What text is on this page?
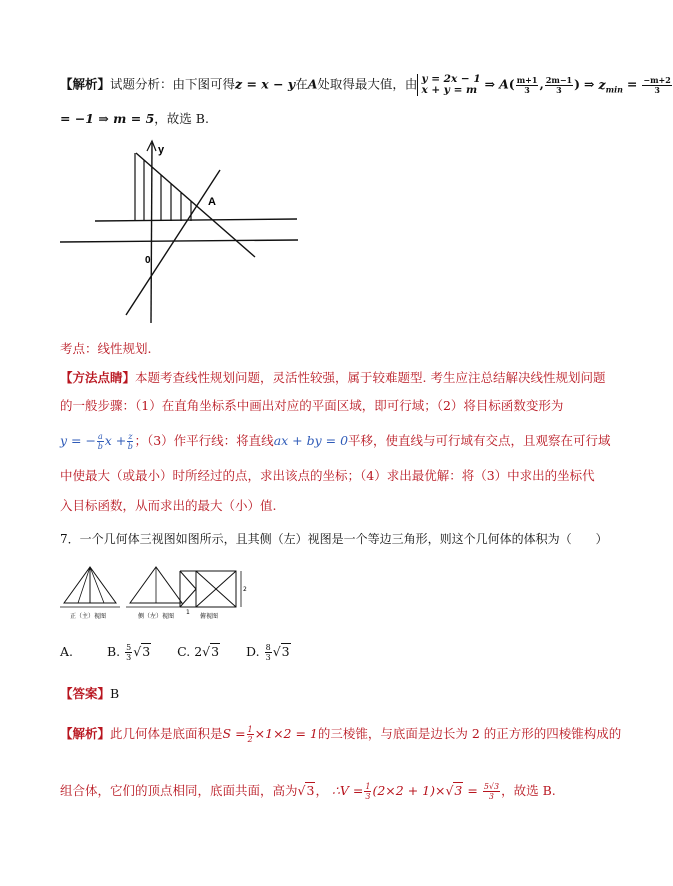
【解析】试题分析：由下图可得z = x − y在A处取得最大值，由 y = 2x − 1
x + y = m ⇒ $A( \frac{m+1}{3}$ , $\frac{2m-1}{3}$ ) ⇒ $z_{min} = \frac{-m+2}{3}$
= −1 ⇒ m = 5，故选 B.
y
A
0
考点：线性规划.
【方法点睛】本题考查线性规划问题，灵活性较强，属于较难题型. 考生应注总结解决线性规划问题
的一般步骤：（1）在直角坐标系中画出对应的平面区域，即可行域；（2）将目标函数变形为
y = − $\frac{a}{b}$ $x + \frac{z}{b}$ ；（3）作平行线：将直线ax + by = 0平移，使直线与可行域有交点，且观察在可行域
中使最大（或最小）时所经过的点，求出该点的坐标；（4）求出最优解：将（3）中求出的坐标代
入目标函数，从而求出的最大（小）值.
7．一个几何体三视图如图所示，且其侧（左）视图是一个等边三角形，则这个几何体的体积为（　　）
正（主）视图	侧（左）视图
1
2
俯视图
A.	B. $\frac{5}{3} √3$ C. 2√3 D. $\frac{8}{3} √3$
【答案】B
【解析】此几何体是底面积是$S = \frac{1}{2} \times 1\times 2 = 1$的三棱锥，与底面是边长为 2 的正方形的四棱锥构成的
组合体，它们的顶点相同，底面共面，高为√3， ∴V = $\frac{1}{3} (2\times 2 + 1)\times√3 = \frac{5√3}{3}$ ，故选 B.
